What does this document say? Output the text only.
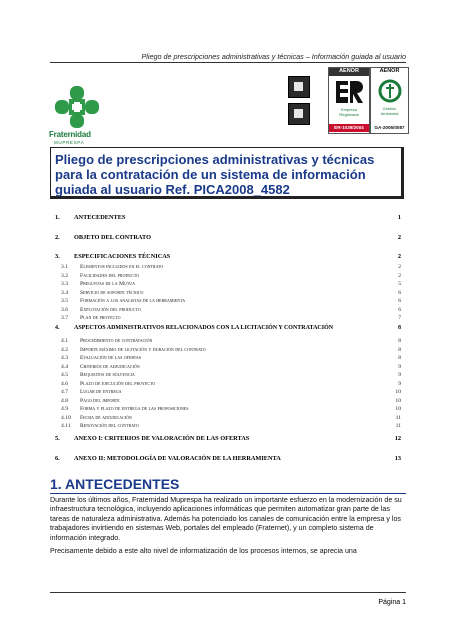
Pliego de prescripciones administrativas y técnicas – Información guiada al usuario
Fraternidad
MUPRESPA
AENOR
Empresa
Registrada
ER-1039/2004
AENOR
Gestión
Ambiental
GA-2005/0087
Pliego de prescripciones administrativas y técnicas para la contratación de un sistema de información guiada al usuario Ref. PICA2008_4582
1. ANTECEDENTES	1
2. OBJETO DEL CONTRATO	2
3. ESPECIFICACIONES TÉCNICAS	2
3.1 Elementos incluidos en el contrato	2
3.2 Facilidades del producto	2
3.3 Preguntas de la Mutua	5
3.4 Servicio de soporte técnico	6
3.5 Formación a los analistas de la herramienta	6
3.6 Explotación del producto	6
3.7 Plan de proyecto	7
4. ASPECTOS ADMINISTRATIVOS RELACIONADOS CON LA LICITACIÓN Y CONTRATACIÓN	8
4.1 Procedimiento de contratación	8
4.2 Importe máximo de licitación y duración del contrato	8
4.3 Evaluación de las ofertas	8
4.4 Criterios de adjudicación	9
4.5 Requisitos de solvencia	9
4.6 Plazo de ejecución del proyecto	9
4.7 Lugar de entrega	10
4.8 Pago del importe	10
4.9 Forma y plazo de entrega de las proposiciones	10
4.10 Fecha de adjudicación	11
4.11 Renovación del contrato	11
5. ANEXO I: CRITERIOS DE VALORACIÓN DE LAS OFERTAS	12
6. ANEXO II: METODOLOGÍA DE VALORACIÓN DE LA HERRAMIENTA	13
1. ANTECEDENTES
Durante los últimos años, Fraternidad Muprespa ha realizado un importante esfuerzo en la modernización de su infraestructura tecnológica, incluyendo aplicaciones informáticas que permiten automatizar gran parte de las tareas de naturaleza administrativa. Además ha potenciado los canales de comunicación entre la empresa y los trabajadores invirtiendo en sistemas Web, portales del empleado (Fraternet), y un completo sistema de información integrado.
Precisamente debido a este alto nivel de informatización de los procesos internos, se aprecia una
Página 1
